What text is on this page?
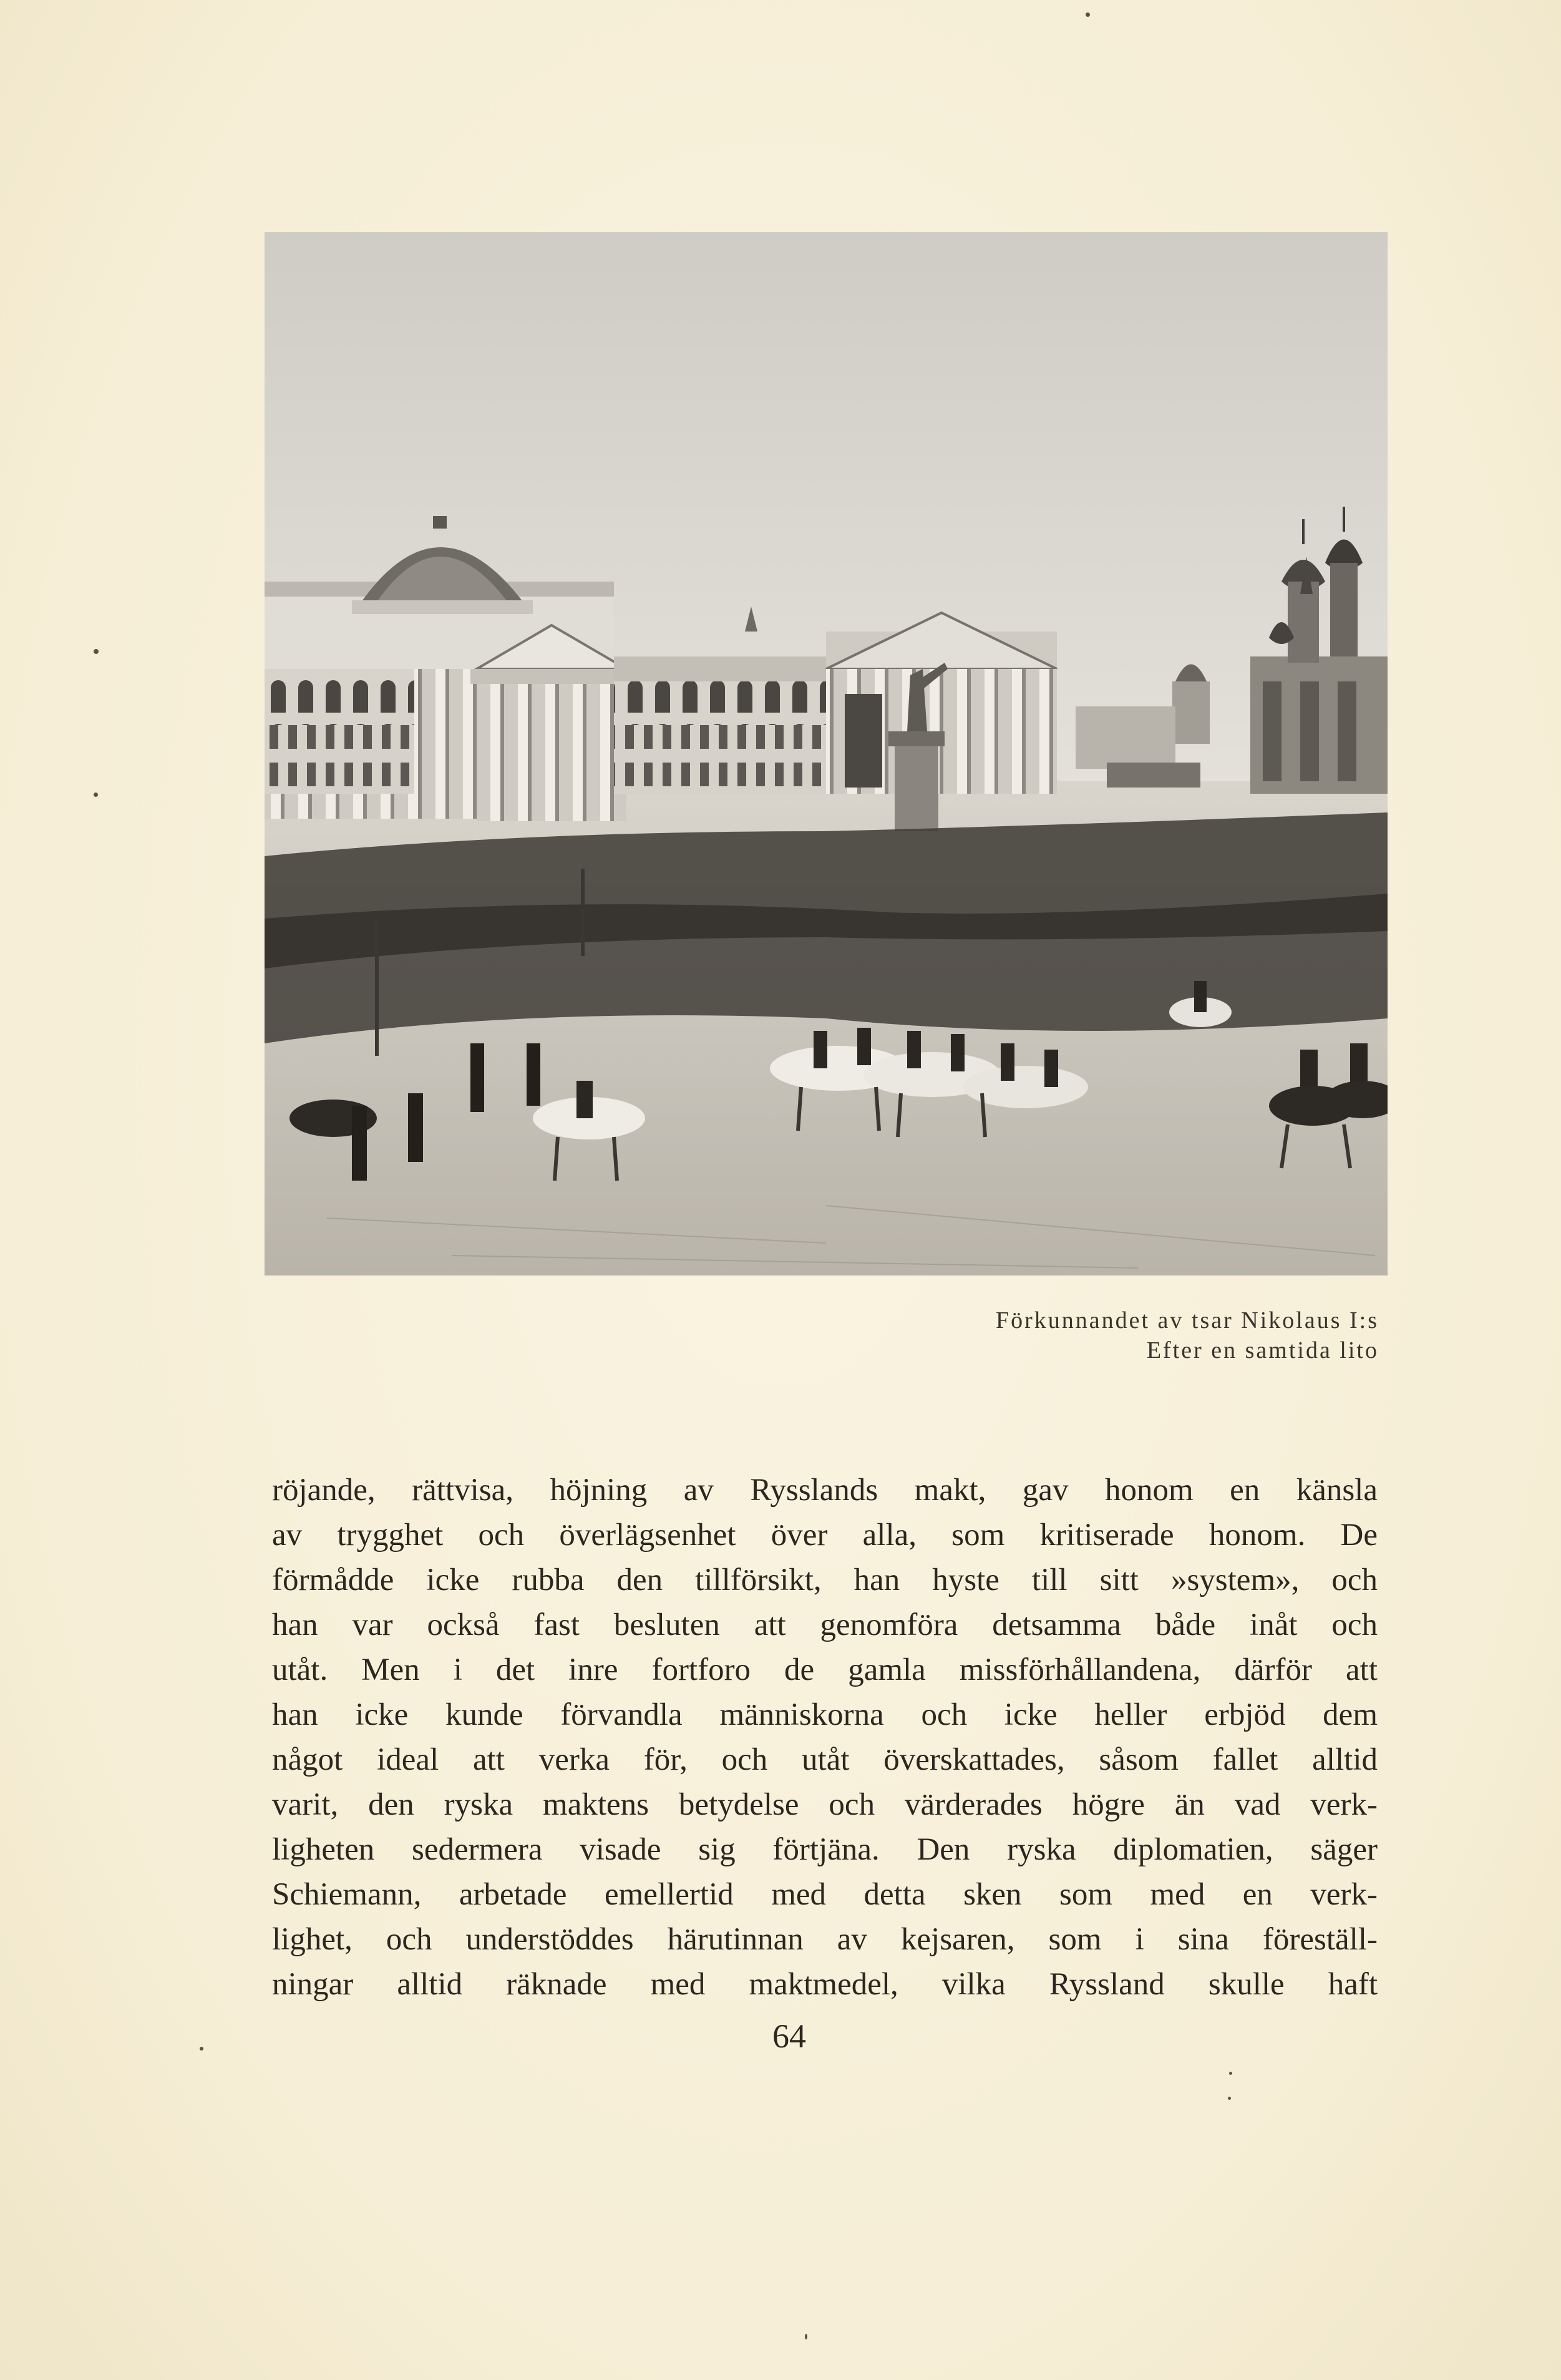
Förkunnandet av tsar Nikolaus I:s
Efter en samtida lito
röjande, rättvisa, höjning av Rysslands makt, gav honom en känsla
av trygghet och överlägsenhet över alla, som kritiserade honom. De
förmådde icke rubba den tillförsikt, han hyste till sitt »system», och
han var också fast besluten att genomföra detsamma både inåt och
utåt. Men i det inre fortforo de gamla missförhållandena, därför att
han icke kunde förvandla människorna och icke heller erbjöd dem
något ideal att verka för, och utåt överskattades, såsom fallet alltid
varit, den ryska maktens betydelse och värderades högre än vad verk-
ligheten sedermera visade sig förtjäna. Den ryska diplomatien, säger
Schiemann, arbetade emellertid med detta sken som med en verk-
lighet, och understöddes härutinnan av kejsaren, som i sina föreställ-
ningar alltid räknade med maktmedel, vilka Ryssland skulle haft
64
